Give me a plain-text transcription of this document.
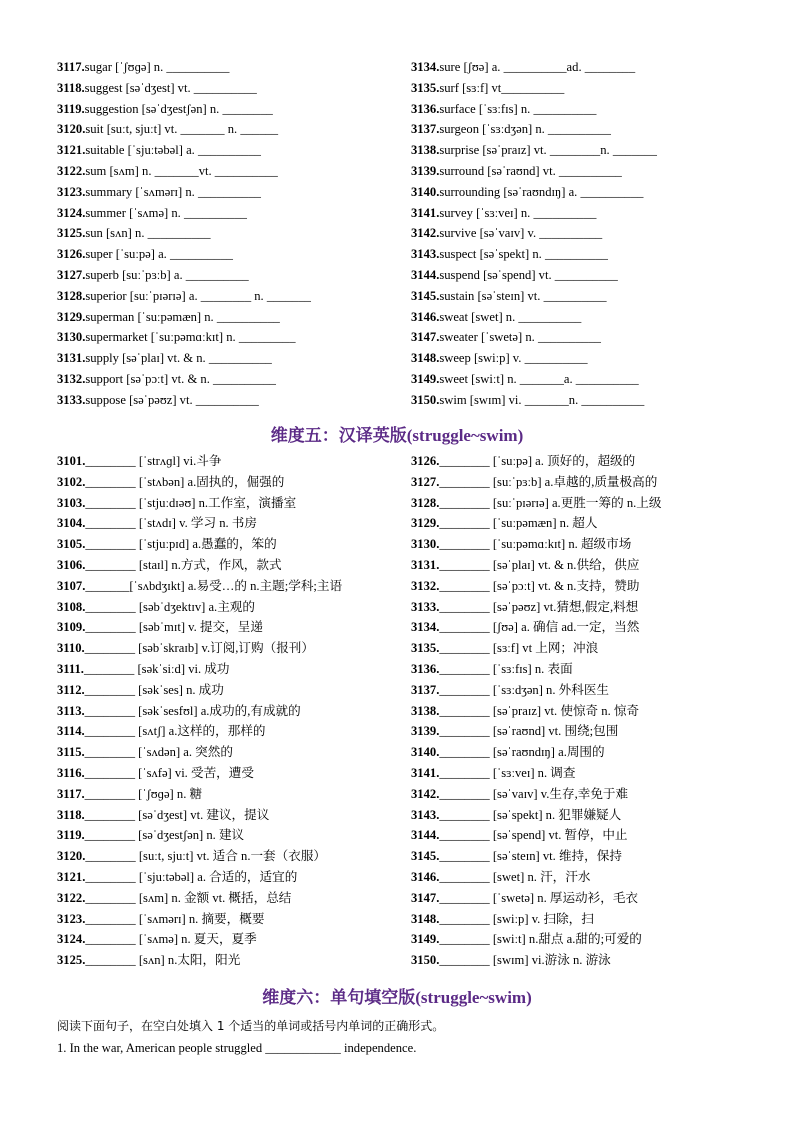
3117.sugar [ˈʃʊɡə] n. __________
3118.suggest [səˈdʒest] vt. __________
3119.suggestion [səˈdʒestʃən] n. ________
3120.suit [suːt, sjuːt] vt. _______ n. ______
3121.suitable [ˈsjuːtəbəl] a. __________
3122.sum [sʌm] n. _______vt. __________
3123.summary [ˈsʌmərɪ] n. __________
3124.summer [ˈsʌmə] n. __________
3125.sun [sʌn] n. __________
3126.super [ˈsuːpə] a. __________
3127.superb [suːˈpɜːb] a. __________
3128.superior [suːˈpɪərɪə] a. ________ n. _______
3129.superman [ˈsuːpəmæn] n. __________
3130.supermarket [ˈsuːpəmɑːkɪt] n. _________
3131.supply [səˈplaɪ] vt. & n. __________
3132.support [səˈpɔːt] vt. & n. __________
3133.suppose [səˈpəʊz] vt. __________
3134.sure [ʃʊə] a. __________ad. ________
3135.surf [sɜːf] vt__________
3136.surface [ˈsɜːfɪs] n. __________
3137.surgeon [ˈsɜːdʒən] n. __________
3138.surprise [səˈpraɪz] vt. ________n. _______
3139.surround [səˈraʊnd] vt. __________
3140.surrounding [səˈraʊndɪŋ] a. __________
3141.survey [ˈsɜːveɪ] n. __________
3142.survive [səˈvaɪv] v. __________
3143.suspect [səˈspekt] n. __________
3144.suspend [səˈspend] vt. __________
3145.sustain [səˈsteɪn] vt. __________
3146.sweat [swet] n. __________
3147.sweater [ˈswetə] n. __________
3148.sweep [swiːp] v. __________
3149.sweet [swiːt] n. _______a. __________
3150.swim [swɪm] vi. _______n. __________
维度五：汉译英版(struggle~swim)
3101.________ [ˈstrʌɡl] vi.斗争
3102.________ [ˈstʌbən] a.固执的，倔强的
3103.________ [ˈstjuːdɪəʊ] n.工作室，演播室
3104.________ [ˈstʌdɪ] v. 学习 n. 书房
3105.________ [ˈstjuːpɪd] a.愚蠢的，笨的
3106.________ [staɪl] n.方式，作风，款式
3107._______[ˈsʌbdʒɪkt] a.易受…的 n.主题;学科;主语
3108.________ [səbˈdʒektɪv] a.主观的
3109.________ [səbˈmɪt] v. 提交，呈递
3110.________ [səbˈskraɪb] v.订阅,订购（报刊）
3111.________ [səkˈsiːd] vi. 成功
3112.________ [səkˈses] n. 成功
3113.________ [səkˈsesfʊl] a.成功的,有成就的
3114.________ [sʌtʃ] a.这样的，那样的
3115.________ [ˈsʌdən] a. 突然的
3116.________ [ˈsʌfə] vi. 受苦，遭受
3117.________ [ˈʃʊɡə] n. 糖
3118.________ [səˈdʒest] vt. 建议，提议
3119.________ [səˈdʒestʃən] n. 建议
3120.________ [suːt, sjuːt] vt. 适合 n.一套（衣服）
3121.________ [ˈsjuːtəbəl] a. 合适的，适宜的
3122.________ [sʌm] n. 金额 vt. 概括，总结
3123.________ [ˈsʌmərɪ] n. 摘要，概要
3124.________ [ˈsʌmə] n. 夏天，夏季
3125.________ [sʌn] n.太阳，阳光
3126.________ [ˈsuːpə] a. 顶好的，超级的
3127.________ [suːˈpɜːb] a.卓越的,质量极高的
3128.________ [suːˈpɪərɪə] a.更胜一筹的 n.上级
3129.________ [ˈsuːpəmæn] n. 超人
3130.________ [ˈsuːpəmɑːkɪt] n. 超级市场
3131.________ [səˈplaɪ] vt. & n.供给，供应
3132.________ [səˈpɔːt] vt. & n.支持，赞助
3133.________ [səˈpəʊz] vt.猜想,假定,料想
3134.________ [ʃʊə] a. 确信 ad.一定，当然
3135.________ [sɜːf] vt 上网；冲浪
3136.________ [ˈsɜːfɪs] n. 表面
3137.________ [ˈsɜːdʒən] n. 外科医生
3138.________ [səˈpraɪz] vt. 使惊奇 n. 惊奇
3139.________ [səˈraʊnd] vt. 围绕;包围
3140.________ [səˈraʊndɪŋ] a.周围的
3141.________ [ˈsɜːveɪ] n. 调查
3142.________ [səˈvaɪv] v.生存,幸免于难
3143.________ [səˈspekt] n. 犯罪嫌疑人
3144.________ [səˈspend] vt. 暂停，中止
3145.________ [səˈsteɪn] vt. 维持，保持
3146.________ [swet] n. 汗，汗水
3147.________ [ˈswetə] n. 厚运动衫，毛衣
3148.________ [swiːp] v. 扫除，扫
3149.________ [swiːt] n.甜点 a.甜的;可爱的
3150.________ [swɪm] vi.游泳 n. 游泳
维度六：单句填空版(struggle~swim)
阅读下面句子，在空白处填入 1 个适当的单词或括号内单词的正确形式。
1. In the war, American people struggled ____________ independence.
